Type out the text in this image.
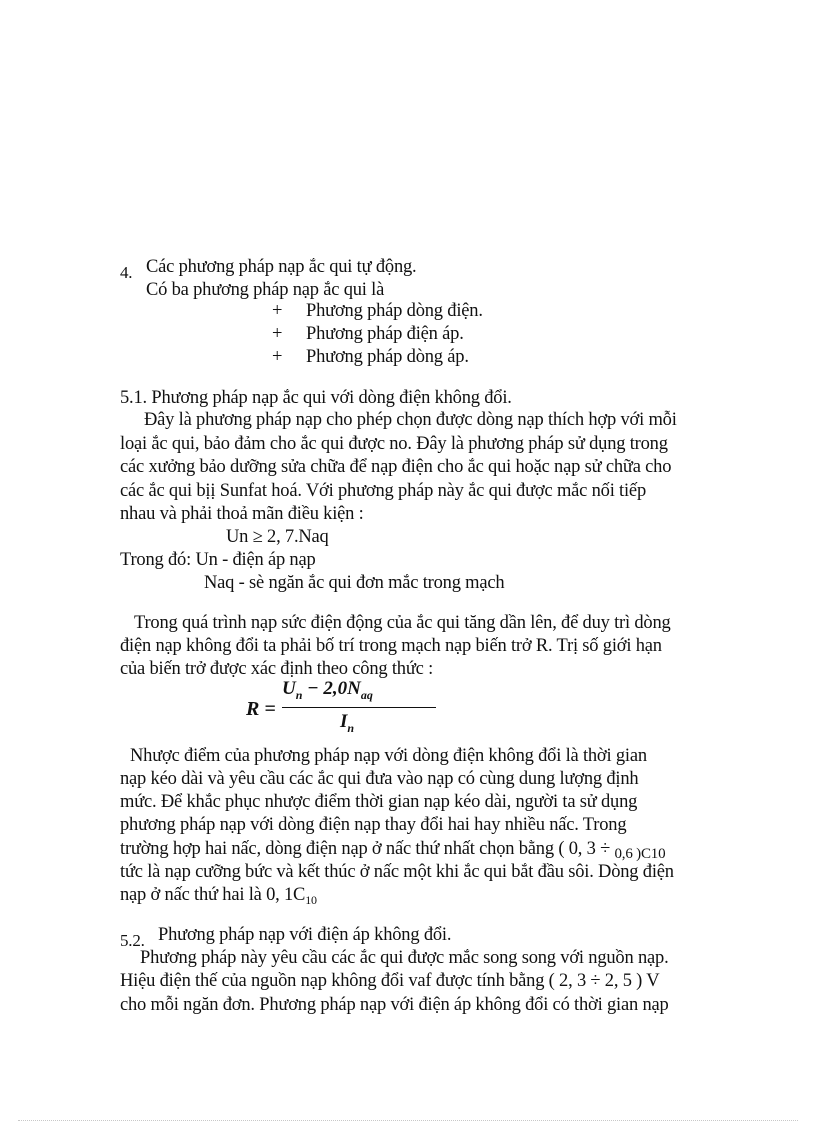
4. Các phương pháp nạp ắc qui tự động.
Có ba phương pháp nạp ắc qui là
+ Phương pháp dòng điện.
+ Phương pháp điện áp.
+ Phương pháp dòng áp.
5.1. Phương pháp nạp ắc qui với dòng điện không đổi.
Đây là phương pháp nạp cho phép chọn được dòng nạp thích hợp với mỗi
loại ắc qui, bảo đảm cho ắc qui được no. Đây là phương pháp sử dụng trong
các xưởng bảo dưỡng sửa chữa để nạp điện cho ắc qui hoặc nạp sử chữa cho
các ắc qui bịị Sunfat hoá. Với phương pháp này ắc qui được mắc nối tiếp
nhau và phải thoả mãn điều kiện :
Un ≥ 2, 7.Naq
Trong đó: Un - điện áp nạp
Naq - sè ngăn ắc qui đơn mắc trong mạch
Trong quá trình nạp sức điện động của ắc qui tăng dần lên, để duy trì dòng
điện nạp không đổi ta phải bố trí trong mạch nạp biến trở R. Trị số giới hạn
của biến trở được xác định theo công thức :
R =
$U_n - 2,0N_{aq}$
$I_n$
Nhược điểm của phương pháp nạp với dòng điện không đổi là thời gian
nạp kéo dài và yêu cầu các ắc qui đưa vào nạp có cùng dung lượng định
mức. Để khắc phục nhược điểm thời gian nạp kéo dài, người ta sử dụng
phương pháp nạp với dòng điện nạp thay đổi hai hay nhiều nấc. Trong
trường hợp hai nấc, dòng điện nạp ở nấc thứ nhất chọn bằng ( 0, 3 ÷ $_{0,6 )C10}$
tức là nạp cưỡng bức và kết thúc ở nấc một khi ắc qui bắt đầu sôi. Dòng điện
nạp ở nấc thứ hai là 0, $1C_{10}$
5.2. Phương pháp nạp với điện áp không đổi.
Phương pháp này yêu cầu các ắc qui được mắc song song với nguồn nạp.
Hiệu điện thế của nguồn nạp không đổi vaf được tính bằng ( 2, 3 ÷ 2, 5 ) V
cho mỗi ngăn đơn. Phương pháp nạp với điện áp không đổi có thời gian nạp
